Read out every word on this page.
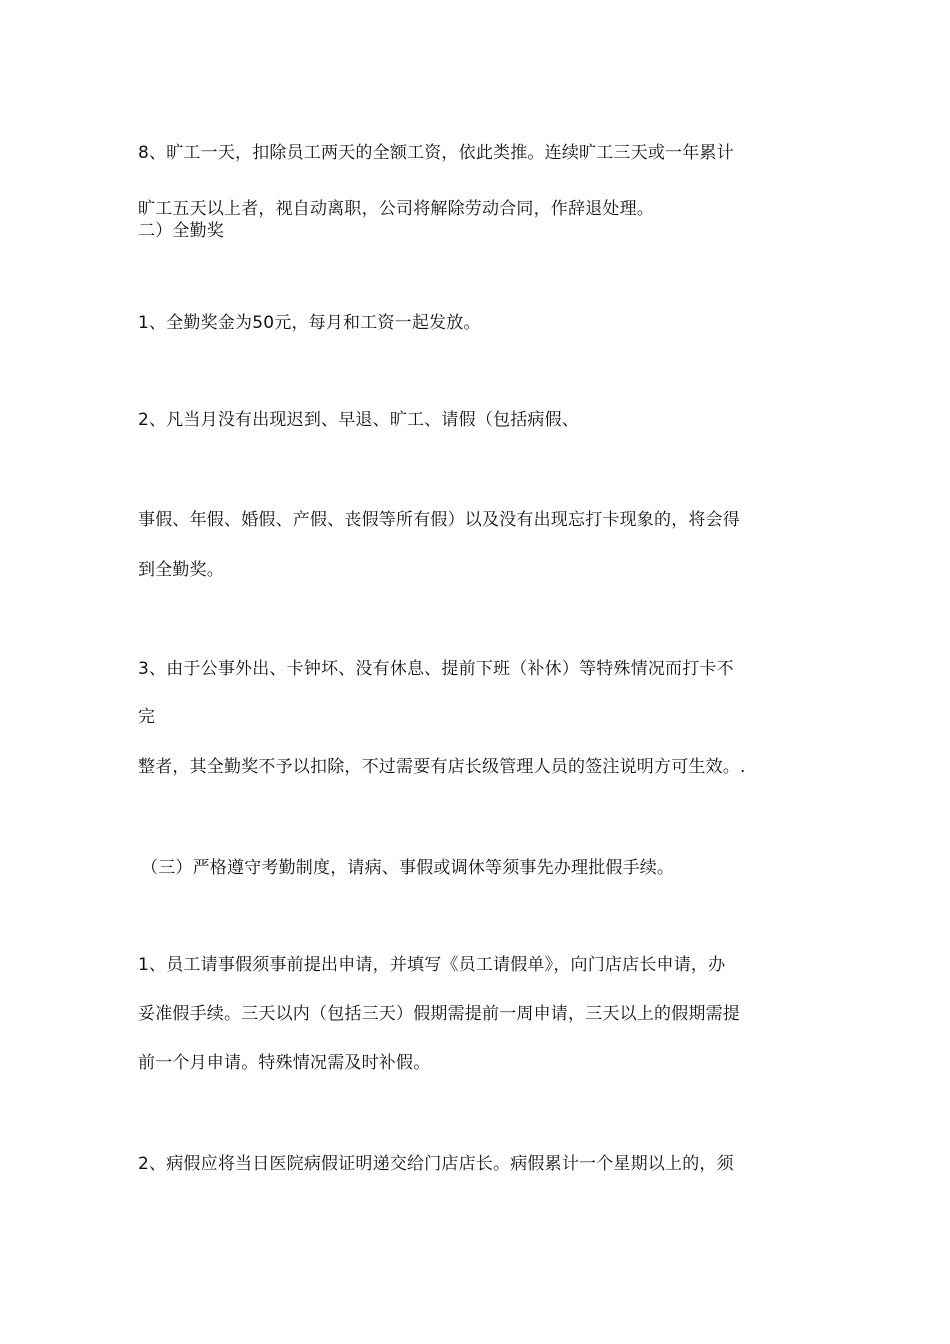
8、旷工一天，扣除员工两天的全额工资，依此类推。连续旷工三天或一年累计
旷工五天以上者，视自动离职，公司将解除劳动合同，作辞退处理。
二）全勤奖
1、全勤奖金为50元，每月和工资一起发放。
2、凡当月没有出现迟到、早退、旷工、请假（包括病假、
事假、年假、婚假、产假、丧假等所有假）以及没有出现忘打卡现象的，将会得
到全勤奖。
3、由于公事外出、卡钟坏、没有休息、提前下班（补休）等特殊情况而打卡不
完
整者，其全勤奖不予以扣除，不过需要有店长级管理人员的签注说明方可生效。.
（三）严格遵守考勤制度，请病、事假或调休等须事先办理批假手续。
1、员工请事假须事前提出申请，并填写《员工请假单》，向门店店长申请，办
妥准假手续。三天以内（包括三天）假期需提前一周申请，三天以上的假期需提
前一个月申请。特殊情况需及时补假。
2、病假应将当日医院病假证明递交给门店店长。病假累计一个星期以上的，须
